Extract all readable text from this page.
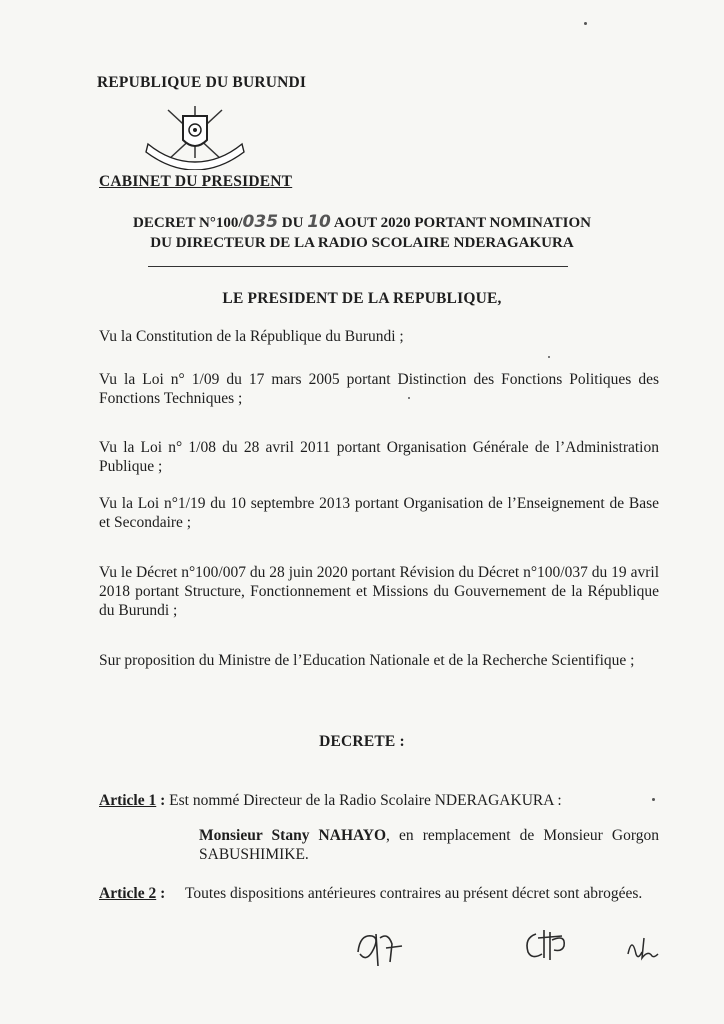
REPUBLIQUE DU BURUNDI
CABINET DU PRESIDENT
DECRET N°100/035 DU 10 AOUT 2020 PORTANT NOMINATION
DU DIRECTEUR DE LA RADIO SCOLAIRE NDERAGAKURA
LE PRESIDENT DE LA REPUBLIQUE,
Vu la Constitution de la République du Burundi ;
Vu la Loi n° 1/09 du 17 mars 2005 portant Distinction des Fonctions Politiques des Fonctions Techniques ;
Vu la Loi n° 1/08 du 28 avril 2011 portant Organisation Générale de l’Administration Publique ;
Vu la Loi n°1/19 du 10 septembre 2013 portant Organisation de l’Enseignement de Base et Secondaire ;
Vu le Décret n°100/007 du 28 juin 2020 portant Révision du Décret n°100/037 du 19 avril 2018 portant Structure, Fonctionnement et Missions du Gouvernement de la République du Burundi ;
Sur proposition du Ministre de l’Education Nationale et de la Recherche Scientifique ;
DECRETE :
Article 1 : Est nommé Directeur de la Radio Scolaire NDERAGAKURA :
Monsieur Stany NAHAYO, en remplacement de Monsieur Gorgon SABUSHIMIKE.
Article 2 :	Toutes dispositions antérieures contraires au présent décret sont abrogées.
